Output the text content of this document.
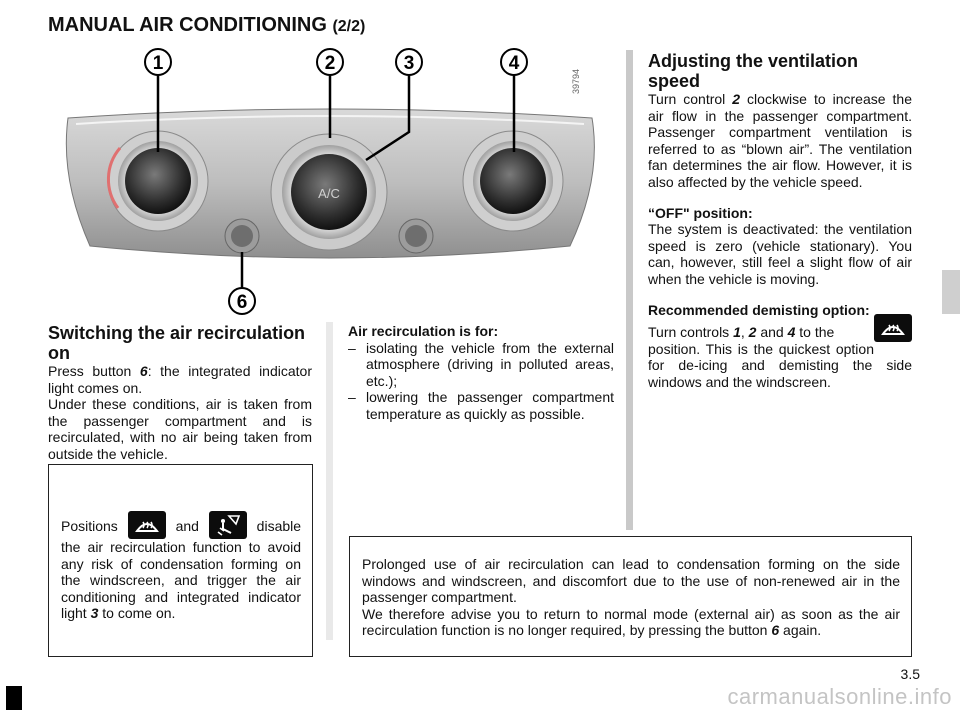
MANUAL AIR CONDITIONING (2/2)
A/C
1	2	3	4
6
39794
Adjusting the ventilation speed

Turn control 2 clockwise to increase the air flow in the passenger compartment. Passenger compartment ventilation is referred to as “blown air”. The ventilation fan determines the air flow. However, it is also affected by the vehicle speed.

“OFF" position:

The system is deactivated: the ventilation speed is zero (vehicle stationary). You can, however, still feel a slight flow of air when the vehicle is moving.

Recommended demisting option:

Turn controls 1, 2 and 4 to the

position. This is the quickest option for de-icing and demisting the side windows and the windscreen.

Switching the air recirculation on

Press button 6: the integrated indicator light comes on.

Under these conditions, air is taken from the passenger compartment and is recirculated, with no air being taken from outside the vehicle.

Air recirculation is for:

– isolating the vehicle from the external atmosphere (driving in polluted areas, etc.);
– lowering the passenger compartment temperature as quickly as possible.

Positions	and	disable the air recirculation function to avoid any risk of condensation forming on the windscreen, and trigger the air conditioning and integrated indicator light 3 to come on.

Prolonged use of air recirculation can lead to condensation forming on the side windows and windscreen, and discomfort due to the use of non-renewed air in the passenger compartment.

We therefore advise you to return to normal mode (external air) as soon as the air recirculation function is no longer required, by pressing the button 6 again.

3.5
carmanualsonline.info
